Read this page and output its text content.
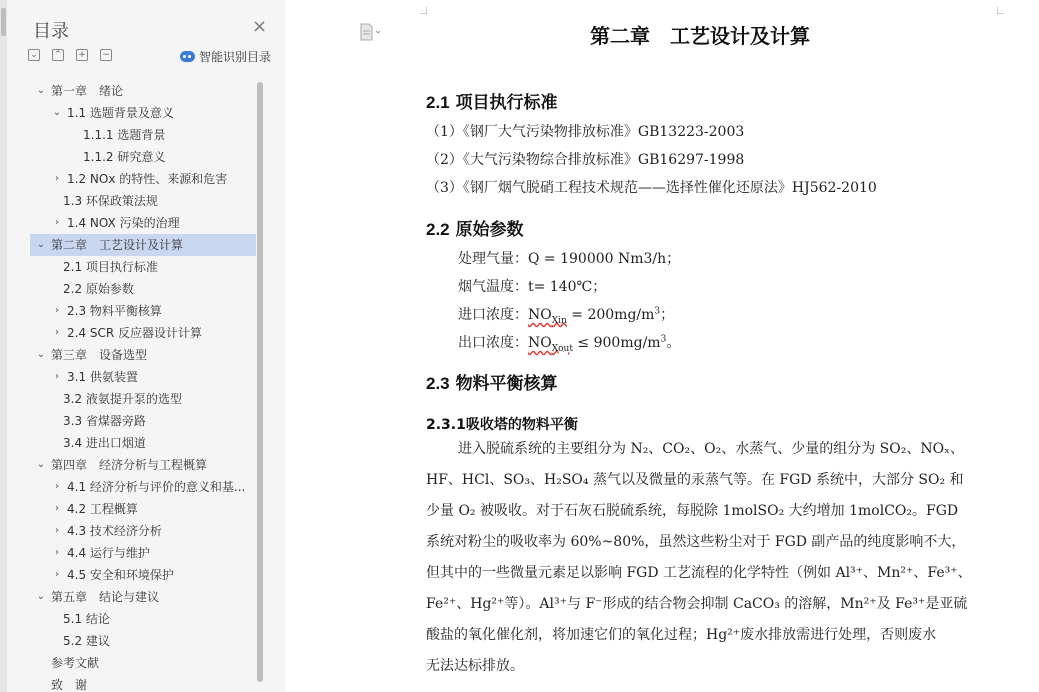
目录	×
⌄ ⌃ + −	智能识别目录
⌄ 第一章　绪论
⌄ 1.1 选题背景及意义
1.1.1 选题背景
1.1.2 研究意义
› 1.2 NOx 的特性、来源和危害
1.3 环保政策法规
› 1.4 NOX 污染的治理
⌄ 第二章　工艺设计及计算
2.1 项目执行标准
2.2 原始参数
› 2.3 物料平衡核算
› 2.4 SCR 反应器设计计算
⌄ 第三章　设备选型
› 3.1 供氨装置
3.2 液氨提升泵的选型
3.3 省煤器旁路
3.4 进出口烟道
⌄ 第四章　经济分析与工程概算
› 4.1 经济分析与评价的意义和基...
› 4.2 工程概算
› 4.3 技术经济分析
› 4.4 运行与维护
› 4.5 安全和环境保护
⌄ 第五章　结论与建议
5.1 结论
5.2 建议
参考文献
致　谢
第二章　工艺设计及计算
2.1 项目执行标准
（1）《钢厂大气污染物排放标准》GB13223-2003
（2）《大气污染物综合排放标准》GB16297-1998
（3）《钢厂烟气脱硝工程技术规范——选择性催化还原法》HJ562-2010
2.2 原始参数
处理气量：Q = 190000 Nm3/h；
烟气温度：t= 140℃；
进口浓度：$NO_{Xin} = 200mg/m^3$；
出口浓度：$NO_{Xout} \le 900mg/m^3$。
2.3 物料平衡核算
2.3.1吸收塔的物料平衡
进入脱硫系统的主要组分为 N₂、CO₂、O₂、水蒸气、少量的组分为 SO₂、NOₓ、
HF、HCl、SO₃、H₂SO₄ 蒸气以及微量的汞蒸气等。在 FGD 系统中，大部分 SO₂ 和
少量 O₂ 被吸收。对于石灰石脱硫系统，每脱除 1molSO₂ 大约增加 1molCO₂。FGD
系统对粉尘的吸收率为 60%~80%，虽然这些粉尘对于 FGD 副产品的纯度影响不大，
但其中的一些微量元素足以影响 FGD 工艺流程的化学特性（例如 Al³⁺、Mn²⁺、Fe³⁺、
Fe²⁺、Hg²⁺等）。Al³⁺与 F⁻形成的结合物会抑制 CaCO₃ 的溶解，Mn²⁺及 Fe³⁺是亚硫
酸盐的氧化催化剂，将加速它们的氧化过程；Hg²⁺废水排放需进行处理，否则废水
无法达标排放。
